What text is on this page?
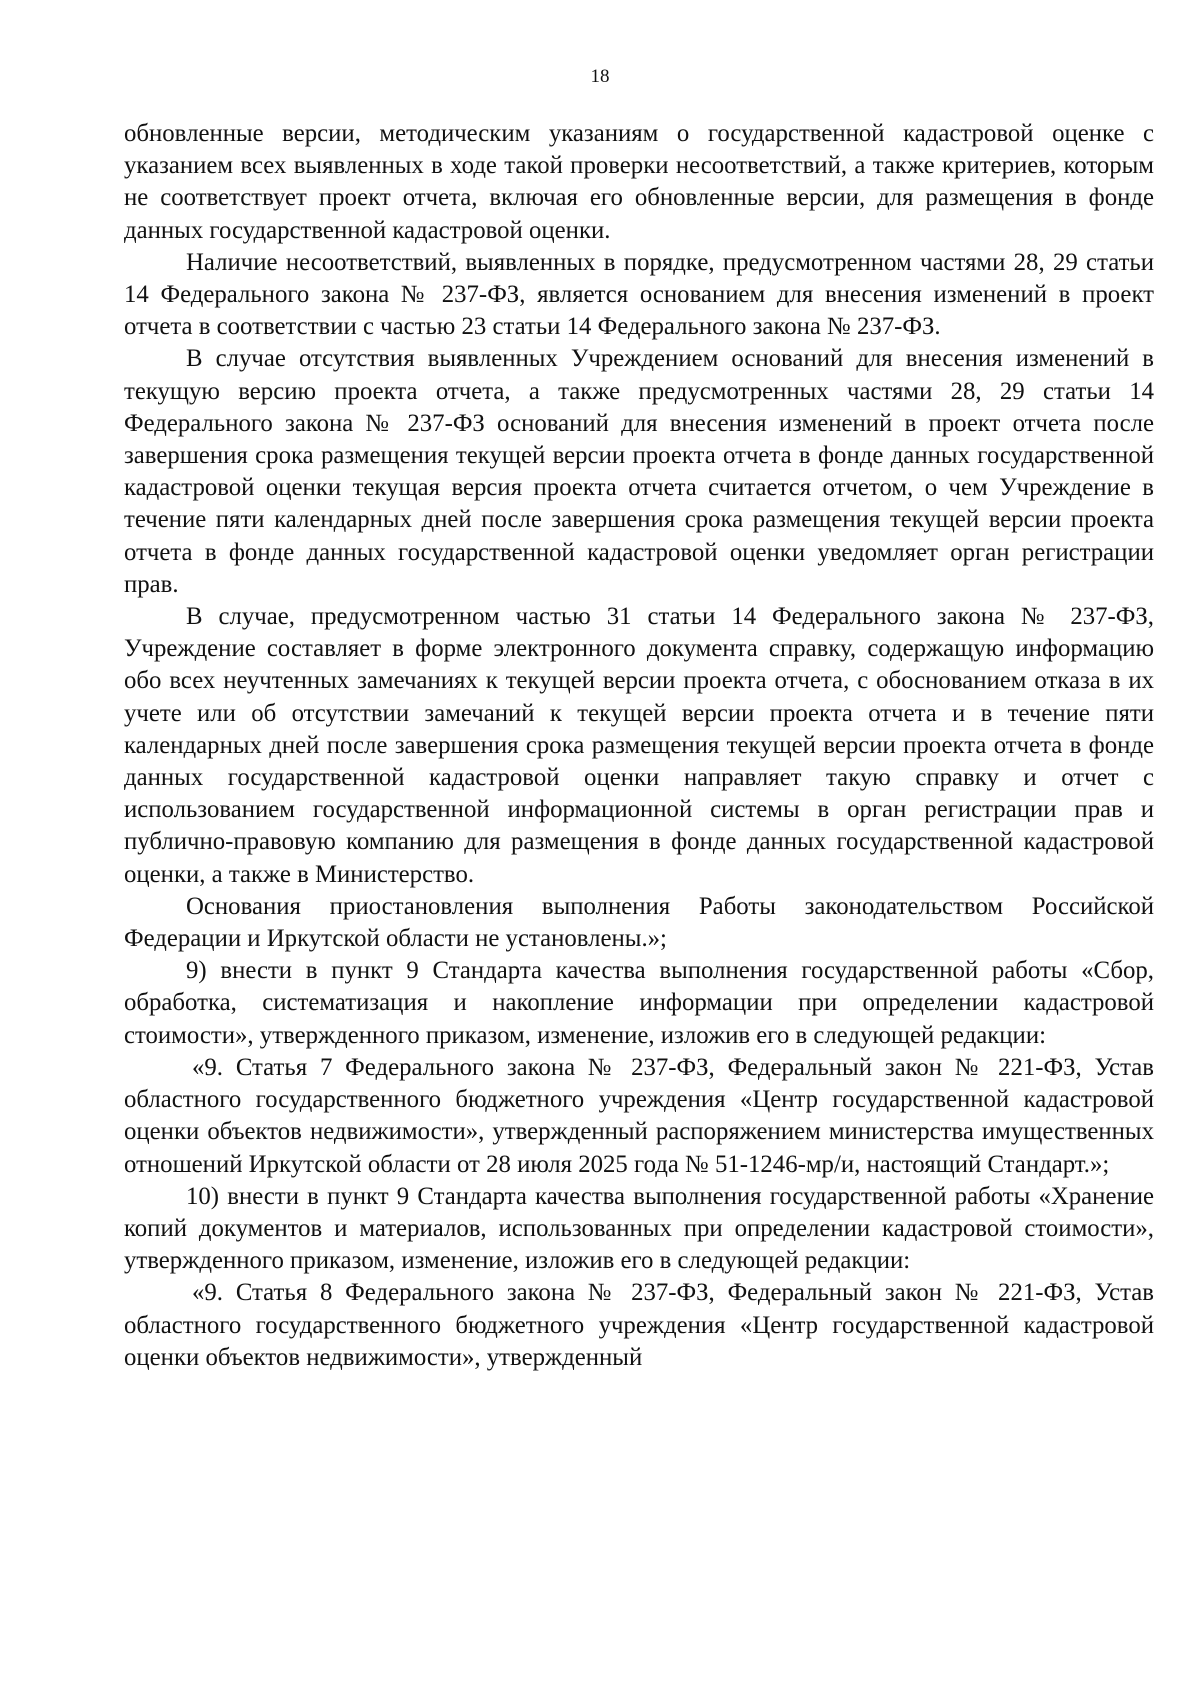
18

обновленные версии, методическим указаниям о государственной кадастровой оценке с указанием всех выявленных в ходе такой проверки несоответствий, а также критериев, которым не соответствует проект отчета, включая его обновленные версии, для размещения в фонде данных государственной кадастровой оценки.

Наличие несоответствий, выявленных в порядке, предусмотренном частями 28, 29 статьи 14 Федерального закона № 237-ФЗ, является основанием для внесения изменений в проект отчета в соответствии с частью 23 статьи 14 Федерального закона № 237-ФЗ.

В случае отсутствия выявленных Учреждением оснований для внесения изменений в текущую версию проекта отчета, а также предусмотренных частями 28, 29 статьи 14 Федерального закона № 237-ФЗ оснований для внесения изменений в проект отчета после завершения срока размещения текущей версии проекта отчета в фонде данных государственной кадастровой оценки текущая версия проекта отчета считается отчетом, о чем Учреждение в течение пяти календарных дней после завершения срока размещения текущей версии проекта отчета в фонде данных государственной кадастровой оценки уведомляет орган регистрации прав.

В случае, предусмотренном частью 31 статьи 14 Федерального закона № 237-ФЗ, Учреждение составляет в форме электронного документа справку, содержащую информацию обо всех неучтенных замечаниях к текущей версии проекта отчета, с обоснованием отказа в их учете или об отсутствии замечаний к текущей версии проекта отчета и в течение пяти календарных дней после завершения срока размещения текущей версии проекта отчета в фонде данных государственной кадастровой оценки направляет такую справку и отчет с использованием государственной информационной системы в орган регистрации прав и публично-правовую компанию для размещения в фонде данных государственной кадастровой оценки, а также в Министерство.

Основания приостановления выполнения Работы законодательством Российской Федерации и Иркутской области не установлены.»;

9) внести в пункт 9 Стандарта качества выполнения государственной работы «Сбор, обработка, систематизация и накопление информации при определении кадастровой стоимости», утвержденного приказом, изменение, изложив его в следующей редакции:

«9. Статья 7 Федерального закона № 237-ФЗ, Федеральный закон № 221-ФЗ, Устав областного государственного бюджетного учреждения «Центр государственной кадастровой оценки объектов недвижимости», утвержденный распоряжением министерства имущественных отношений Иркутской области от 28 июля 2025 года № 51-1246-мр/и, настоящий Стандарт.»;

10) внести в пункт 9 Стандарта качества выполнения государственной работы «Хранение копий документов и материалов, использованных при определении кадастровой стоимости», утвержденного приказом, изменение, изложив его в следующей редакции:

«9. Статья 8 Федерального закона № 237-ФЗ, Федеральный закон № 221-ФЗ, Устав областного государственного бюджетного учреждения «Центр государственной кадастровой оценки объектов недвижимости», утвержденный
